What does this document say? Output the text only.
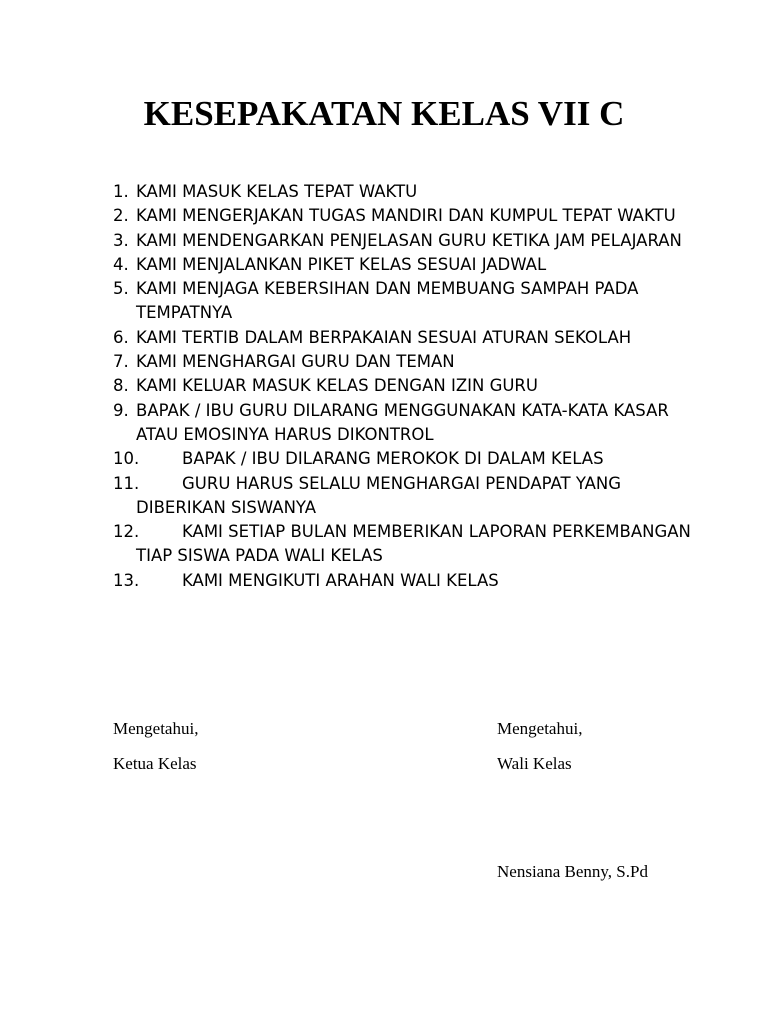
KESEPAKATAN KELAS VII C
1. KAMI MASUK KELAS TEPAT WAKTU
2. KAMI MENGERJAKAN TUGAS MANDIRI DAN KUMPUL TEPAT WAKTU
3. KAMI MENDENGARKAN PENJELASAN GURU KETIKA JAM PELAJARAN
4. KAMI MENJALANKAN PIKET KELAS SESUAI JADWAL
5. KAMI MENJAGA KEBERSIHAN DAN MEMBUANG SAMPAH PADA TEMPATNYA
6. KAMI TERTIB DALAM BERPAKAIAN SESUAI ATURAN SEKOLAH
7. KAMI MENGHARGAI GURU DAN TEMAN
8. KAMI KELUAR MASUK KELAS DENGAN IZIN GURU
9. BAPAK / IBU GURU DILARANG MENGGUNAKAN KATA-KATA KASAR ATAU EMOSINYA HARUS DIKONTROL
10.	BAPAK / IBU DILARANG MEROKOK DI DALAM KELAS
11.	GURU HARUS SELALU MENGHARGAI PENDAPAT YANG DIBERIKAN SISWANYA
12.	KAMI SETIAP BULAN MEMBERIKAN LAPORAN PERKEMBANGAN TIAP SISWA PADA WALI KELAS
13.	KAMI MENGIKUTI ARAHAN WALI KELAS
Mengetahui,
Ketua Kelas
Mengetahui,
Wali Kelas
Nensiana Benny, S.Pd
